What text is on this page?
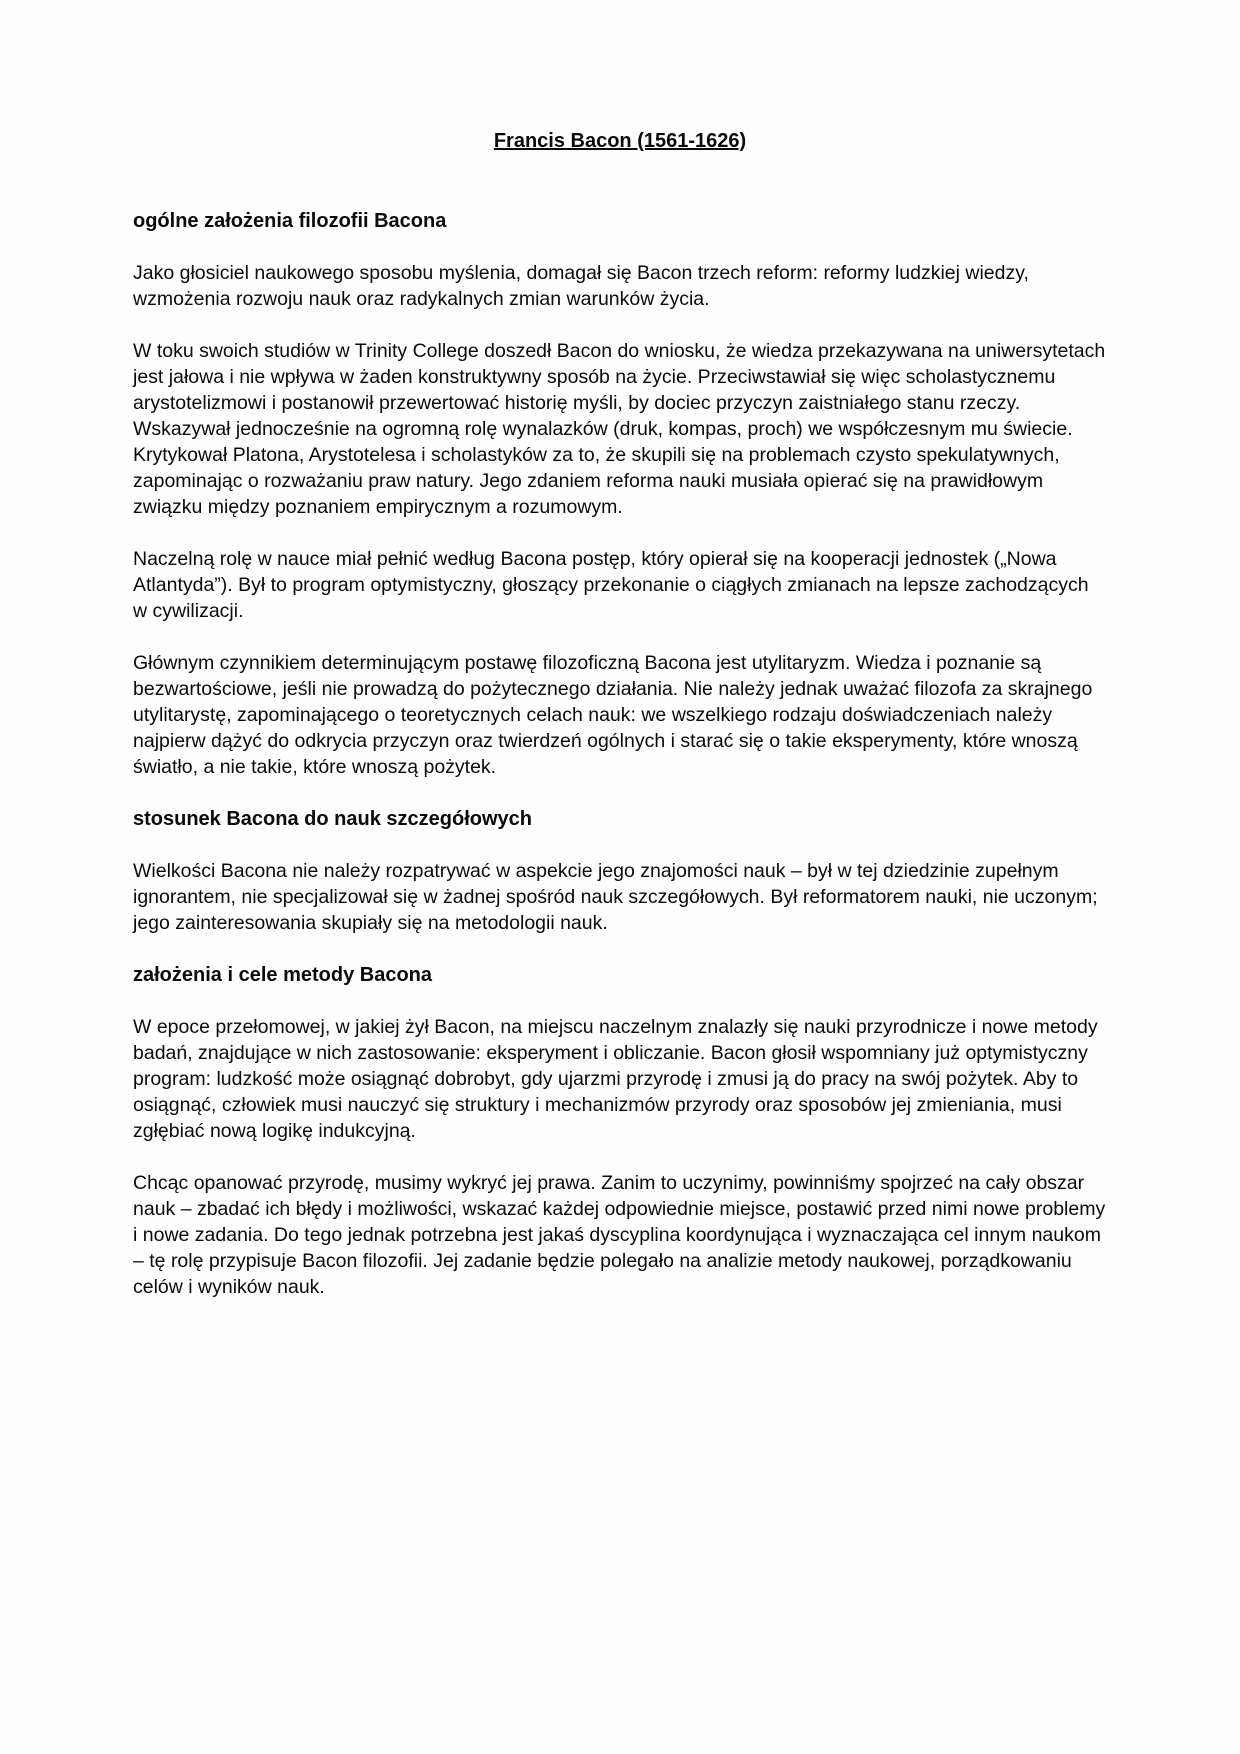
Francis Bacon (1561-1626)
ogólne założenia filozofii Bacona

Jako głosiciel naukowego sposobu myślenia, domagał się Bacon trzech reform: reformy ludzkiej wiedzy, wzmożenia rozwoju nauk oraz radykalnych zmian warunków życia.

W toku swoich studiów w Trinity College doszedł Bacon do wniosku, że wiedza przekazywana na uniwersytetach jest jałowa i nie wpływa w żaden konstruktywny sposób na życie. Przeciwstawiał się więc scholastycznemu arystotelizmowi i postanowił przewertować historię myśli, by dociec przyczyn zaistniałego stanu rzeczy. Wskazywał jednocześnie na ogromną rolę wynalazków (druk, kompas, proch) we współczesnym mu świecie. Krytykował Platona, Arystotelesa i scholastyków za to, że skupili się na problemach czysto spekulatywnych, zapominając o rozważaniu praw natury. Jego zdaniem reforma nauki musiała opierać się na prawidłowym związku między poznaniem empirycznym a rozumowym.

Naczelną rolę w nauce miał pełnić według Bacona postęp, który opierał się na kooperacji jednostek („Nowa Atlantyda”). Był to program optymistyczny, głoszący przekonanie o ciągłych zmianach na lepsze zachodzących w cywilizacji.

Głównym czynnikiem determinującym postawę filozoficzną Bacona jest utylitaryzm. Wiedza i poznanie są bezwartościowe, jeśli nie prowadzą do pożytecznego działania. Nie należy jednak uważać filozofa za skrajnego utylitarystę, zapominającego o teoretycznych celach nauk: we wszelkiego rodzaju doświadczeniach należy najpierw dążyć do odkrycia przyczyn oraz twierdzeń ogólnych i starać się o takie eksperymenty, które wnoszą światło, a nie takie, które wnoszą pożytek.

stosunek Bacona do nauk szczegółowych

Wielkości Bacona nie należy rozpatrywać w aspekcie jego znajomości nauk – był w tej dziedzinie zupełnym ignorantem, nie specjalizował się w żadnej spośród nauk szczegółowych. Był reformatorem nauki, nie uczonym; jego zainteresowania skupiały się na metodologii nauk.

założenia i cele metody Bacona

W epoce przełomowej, w jakiej żył Bacon, na miejscu naczelnym znalazły się nauki przyrodnicze i nowe metody badań, znajdujące w nich zastosowanie: eksperyment i obliczanie. Bacon głosił wspomniany już optymistyczny program: ludzkość może osiągnąć dobrobyt, gdy ujarzmi przyrodę i zmusi ją do pracy na swój pożytek. Aby to osiągnąć, człowiek musi nauczyć się struktury i mechanizmów przyrody oraz sposobów jej zmieniania, musi zgłębiać nową logikę indukcyjną.

Chcąc opanować przyrodę, musimy wykryć jej prawa. Zanim to uczynimy, powinniśmy spojrzeć na cały obszar nauk – zbadać ich błędy i możliwości, wskazać każdej odpowiednie miejsce, postawić przed nimi nowe problemy i nowe zadania. Do tego jednak potrzebna jest jakaś dyscyplina koordynująca i wyznaczająca cel innym naukom – tę rolę przypisuje Bacon filozofii. Jej zadanie będzie polegało na analizie metody naukowej, porządkowaniu celów i wyników nauk.
